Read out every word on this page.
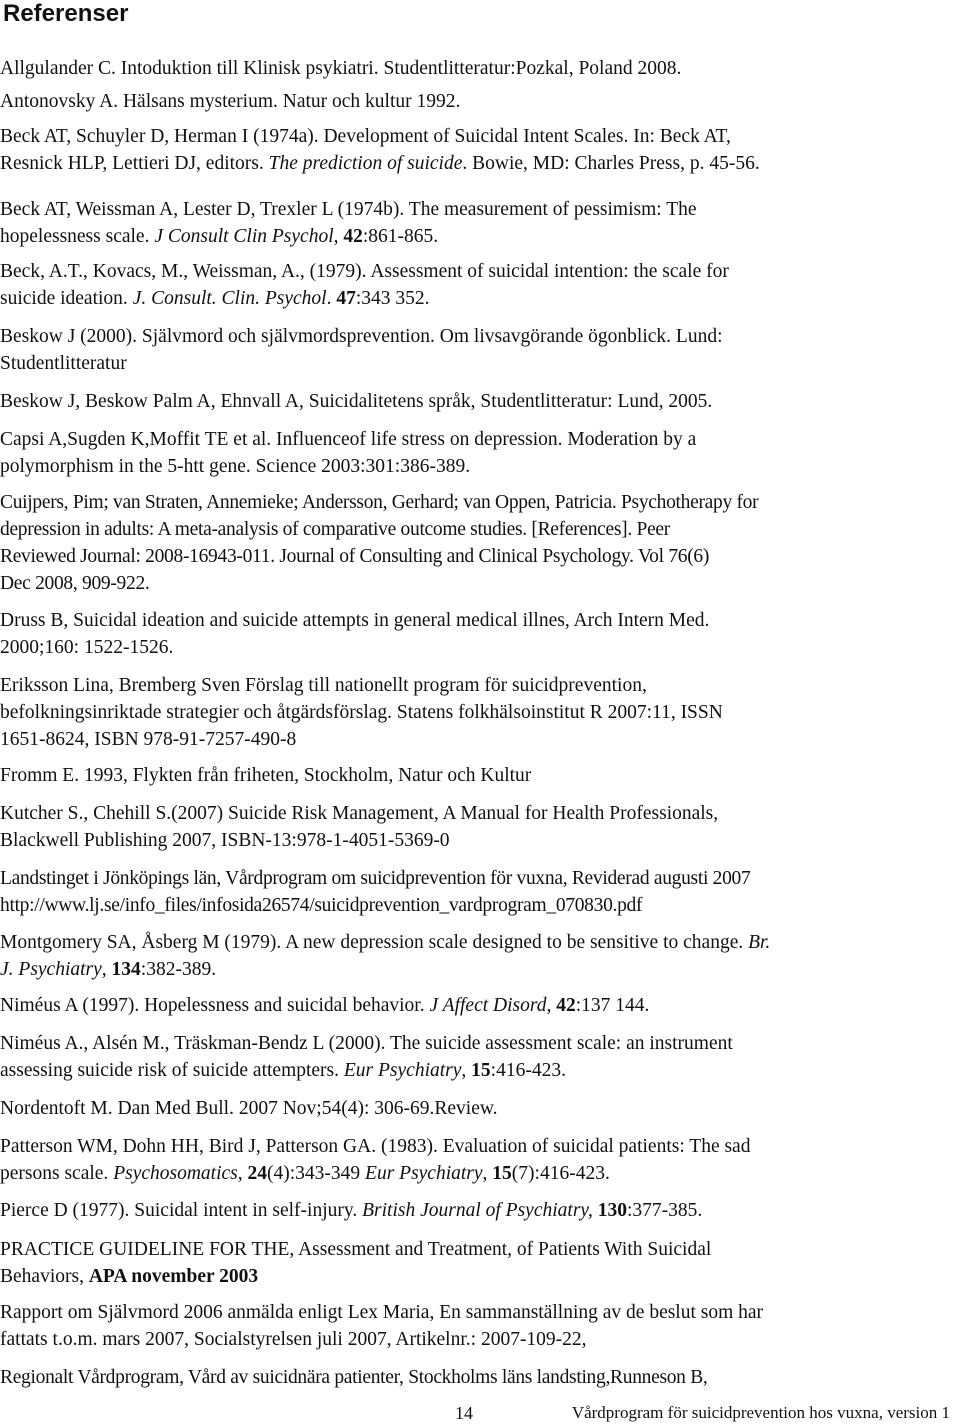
Referenser
Allgulander C. Intoduktion till Klinisk psykiatri. Studentlitteratur:Pozkal, Poland 2008.
Antonovsky A. Hälsans mysterium. Natur och kultur 1992.
Beck AT, Schuyler D, Herman I (1974a). Development of Suicidal Intent Scales. In: Beck AT,
Resnick HLP, Lettieri DJ, editors. The prediction of suicide. Bowie, MD: Charles Press, p. 45-56.
Beck AT, Weissman A, Lester D, Trexler L (1974b). The measurement of pessimism: The
hopelessness scale. J Consult Clin Psychol, 42:861-865.
Beck, A.T., Kovacs, M., Weissman, A., (1979). Assessment of suicidal intention: the scale for
suicide ideation. J. Consult. Clin. Psychol. 47:343 352.
Beskow J (2000). Självmord och självmordsprevention. Om livsavgörande ögonblick. Lund:
Studentlitteratur
Beskow J, Beskow Palm A, Ehnvall A, Suicidalitetens språk, Studentlitteratur: Lund, 2005.
Capsi A,Sugden K,Moffit TE et al. Influenceof life stress on depression. Moderation by a
polymorphism in the 5-htt gene. Science 2003:301:386-389.
Cuijpers, Pim; van Straten, Annemieke; Andersson, Gerhard; van Oppen, Patricia. Psychotherapy for
depression in adults: A meta-analysis of comparative outcome studies. [References]. Peer
Reviewed Journal: 2008-16943-011. Journal of Consulting and Clinical Psychology. Vol 76(6)
Dec 2008, 909-922.
Druss B, Suicidal ideation and suicide attempts in general medical illnes, Arch Intern Med.
2000;160: 1522-1526.
Eriksson Lina, Bremberg Sven Förslag till nationellt program för suicidprevention,
befolkningsinriktade strategier och åtgärdsförslag. Statens folkhälsoinstitut R 2007:11, ISSN
1651-8624, ISBN 978-91-7257-490-8
Fromm E. 1993, Flykten från friheten, Stockholm, Natur och Kultur
Kutcher S., Chehill S.(2007) Suicide Risk Management, A Manual for Health Professionals,
Blackwell Publishing 2007, ISBN-13:978-1-4051-5369-0
Landstinget i Jönköpings län, Vårdprogram om suicidprevention för vuxna, Reviderad augusti 2007
http://www.lj.se/info_files/infosida26574/suicidprevention_vardprogram_070830.pdf
Montgomery SA, Åsberg M (1979). A new depression scale designed to be sensitive to change. Br.
J. Psychiatry, 134:382-389.
Niméus A (1997). Hopelessness and suicidal behavior. J Affect Disord, 42:137 144.
Niméus A., Alsén M., Träskman-Bendz L (2000). The suicide assessment scale: an instrument
assessing suicide risk of suicide attempters. Eur Psychiatry, 15:416-423.
Nordentoft M. Dan Med Bull. 2007 Nov;54(4): 306-69.Review.
Patterson WM, Dohn HH, Bird J, Patterson GA. (1983). Evaluation of suicidal patients: The sad
persons scale. Psychosomatics, 24(4):343-349 Eur Psychiatry, 15(7):416-423.
Pierce D (1977). Suicidal intent in self-injury. British Journal of Psychiatry, 130:377-385.
PRACTICE GUIDELINE FOR THE, Assessment and Treatment, of Patients With Suicidal
Behaviors, APA november 2003
Rapport om Självmord 2006 anmälda enligt Lex Maria, En sammanställning av de beslut som har
fattats t.o.m. mars 2007, Socialstyrelsen juli 2007, Artikelnr.: 2007-109-22,
Regionalt Vårdprogram, Vård av suicidnära patienter, Stockholms läns landsting,Runneson B,
14	Vårdprogram för suicidprevention hos vuxna, version 1
